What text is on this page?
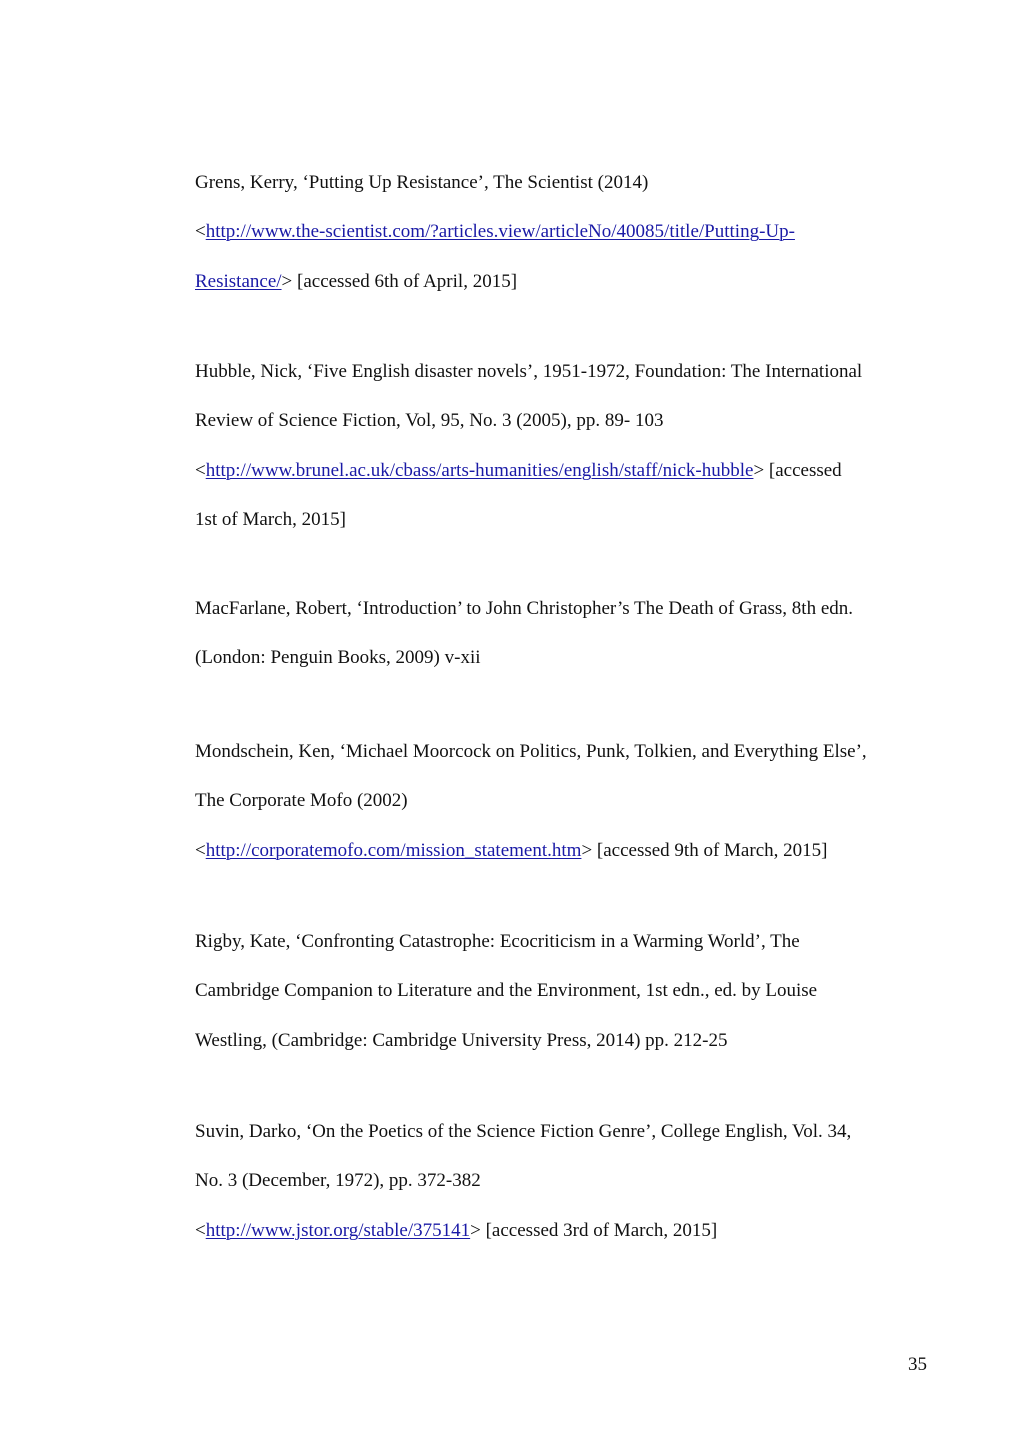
Grens, Kerry, ‘Putting Up Resistance’, The Scientist (2014)
<http://www.the-scientist.com/?articles.view/articleNo/40085/title/Putting-Up-
Resistance/> [accessed 6th of April, 2015]
Hubble, Nick, ‘Five English disaster novels’, 1951-1972, Foundation: The International
Review of Science Fiction, Vol, 95, No. 3 (2005), pp. 89- 103
<http://www.brunel.ac.uk/cbass/arts-humanities/english/staff/nick-hubble> [accessed
1st of March, 2015]
MacFarlane, Robert, ‘Introduction’ to John Christopher’s The Death of Grass, 8th edn.
(London: Penguin Books, 2009) v-xii
Mondschein, Ken, ‘Michael Moorcock on Politics, Punk, Tolkien, and Everything Else’,
The Corporate Mofo (2002)
<http://corporatemofo.com/mission_statement.htm> [accessed 9th of March, 2015]
Rigby, Kate, ‘Confronting Catastrophe: Ecocriticism in a Warming World’, The
Cambridge Companion to Literature and the Environment, 1st edn., ed. by Louise
Westling, (Cambridge: Cambridge University Press, 2014) pp. 212-25
Suvin, Darko, ‘On the Poetics of the Science Fiction Genre’, College English, Vol. 34,
No. 3 (December, 1972), pp. 372-382
<http://www.jstor.org/stable/375141> [accessed 3rd of March, 2015]
35
